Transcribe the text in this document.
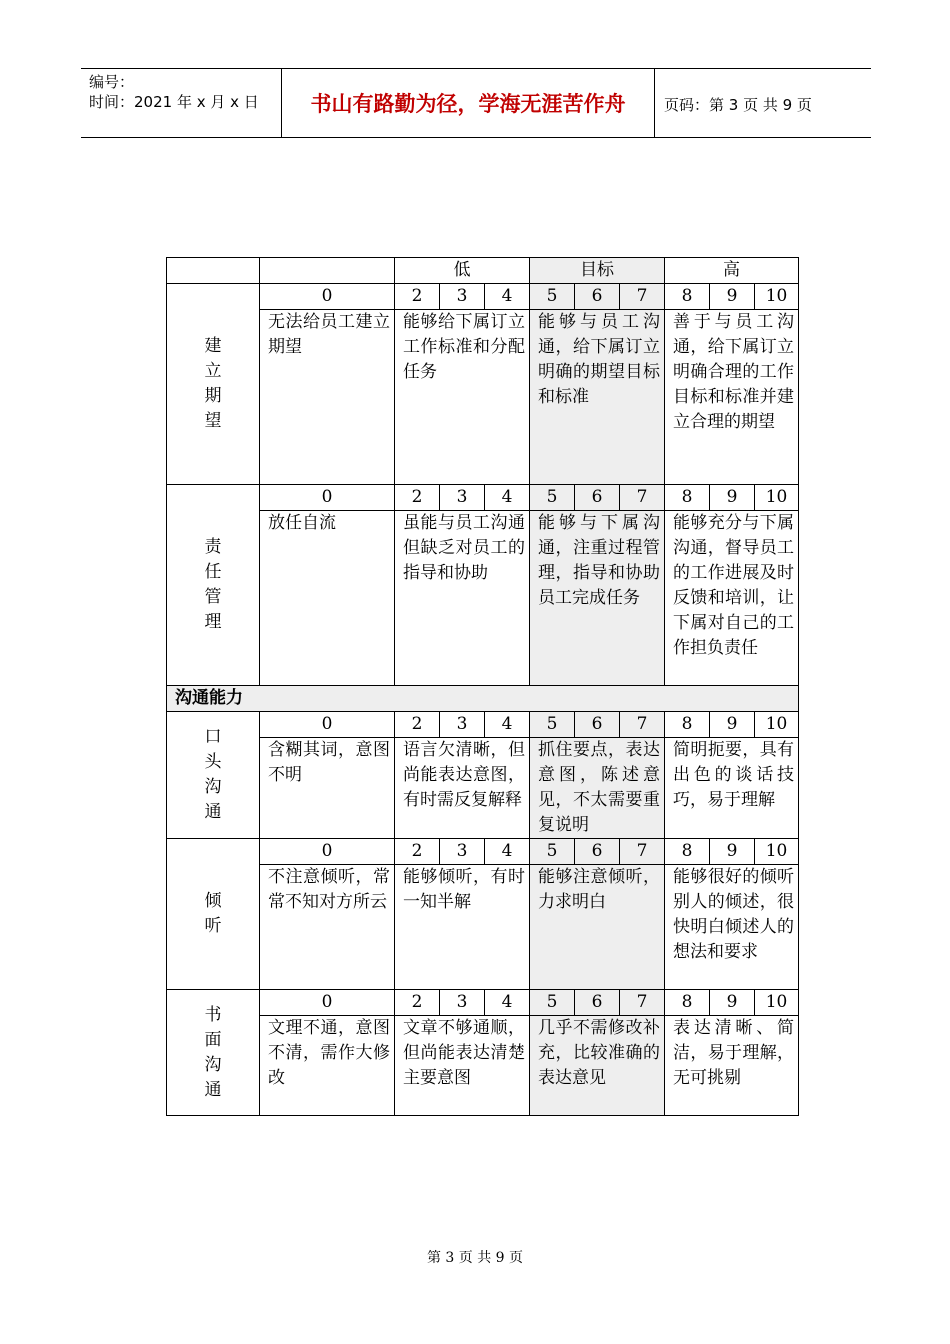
编号：
时间：2021 年 x 月 x 日	书山有路勤为径，学海无涯苦作舟	页码：第 3 页 共 9 页
		低			目标			高		
建立期望	0	2	3	4	5	6	7	8	9	10
	无法给员工建立期望	能够给下属订立工作标准和分配任务			能够与员工沟通，给下属订立明确的期望目标和标准			善于与员工沟通，给下属订立明确合理的工作目标和标准并建立合理的期望		
责任管理	0	2	3	4	5	6	7	8	9	10
	放任自流	虽能与员工沟通但缺乏对员工的指导和协助			能够与下属沟通，注重过程管理，指导和协助员工完成任务			能够充分与下属沟通，督导员工的工作进展及时反馈和培训，让下属对自己的工作担负责任		
沟通能力										
口头沟通	0	2	3	4	5	6	7	8	9	10
	含糊其词，意图不明	语言欠清晰，但尚能表达意图，有时需反复解释			抓住要点，表达意图，陈述意见，不太需要重复说明			简明扼要，具有出色的谈话技巧，易于理解		
倾听	0	2	3	4	5	6	7	8	9	10
	不注意倾听，常常不知对方所云	能够倾听，有时一知半解			能够注意倾听，力求明白			能够很好的倾听别人的倾述，很快明白倾述人的想法和要求		
书面沟通	0	2	3	4	5	6	7	8	9	10
	文理不通，意图不清，需作大修改	文章不够通顺，但尚能表达清楚主要意图			几乎不需修改补充，比较准确的表达意见			表达清晰、简洁，易于理解，无可挑剔		
第 3 页 共 9 页
